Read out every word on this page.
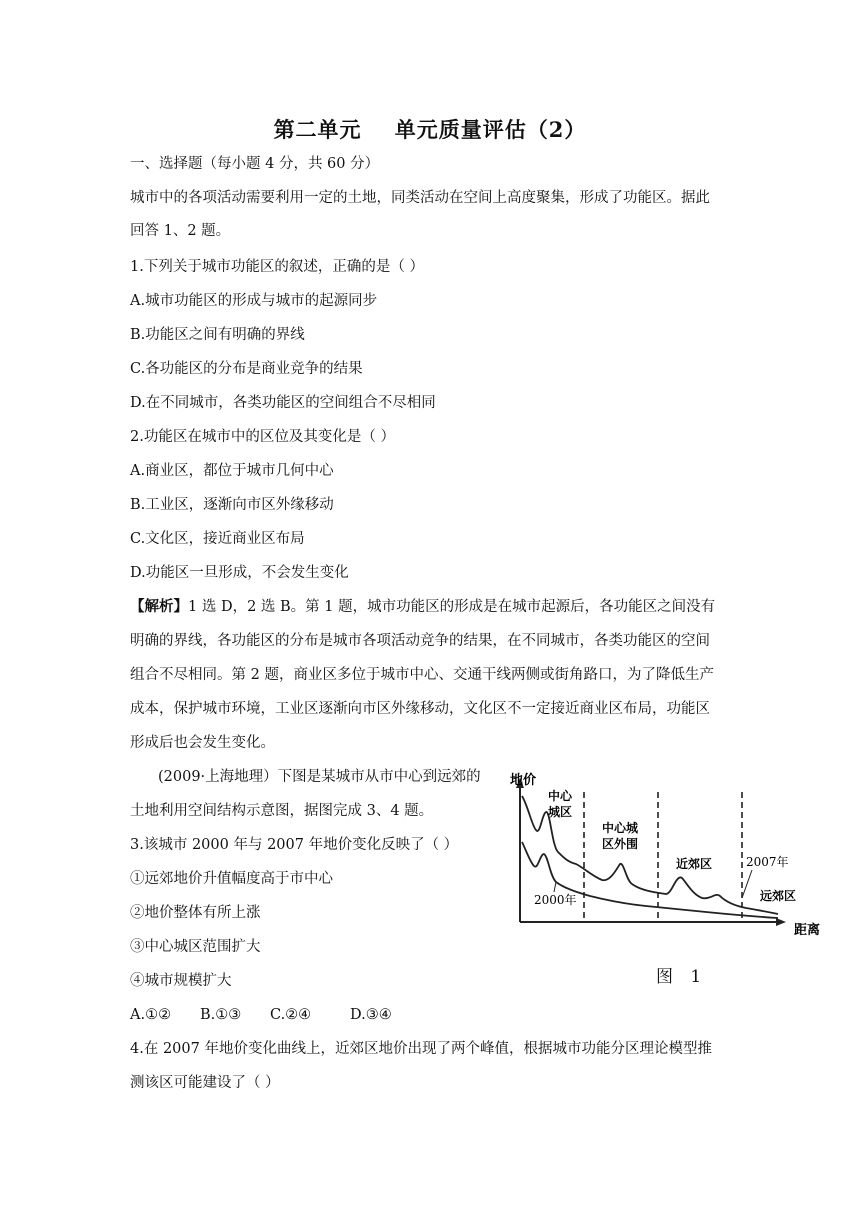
第二单元    单元质量评估（2）
一、选择题（每小题 4 分，共 60 分）
城市中的各项活动需要利用一定的土地，同类活动在空间上高度聚集，形成了功能区。据此
回答 1、2 题。
1.下列关于城市功能区的叙述，正确的是（ ）
A.城市功能区的形成与城市的起源同步
B.功能区之间有明确的界线
C.各功能区的分布是商业竞争的结果
D.在不同城市，各类功能区的空间组合不尽相同
2.功能区在城市中的区位及其变化是（ ）
A.商业区，都位于城市几何中心
B.工业区，逐渐向市区外缘移动
C.文化区，接近商业区布局
D.功能区一旦形成，不会发生变化
【解析】1 选 D，2 选 B。第 1 题，城市功能区的形成是在城市起源后，各功能区之间没有
明确的界线，各功能区的分布是城市各项活动竞争的结果，在不同城市，各类功能区的空间
组合不尽相同。第 2 题，商业区多位于城市中心、交通干线两侧或街角路口，为了降低生产
成本，保护城市环境，工业区逐渐向市区外缘移动，文化区不一定接近商业区布局，功能区
形成后也会发生变化。
(2009·上海地理）下图是某城市从市中心到远郊的
土地利用空间结构示意图，据图完成 3、4 题。
3.该城市 2000 年与 2007 年地价变化反映了（ ）
①远郊地价升值幅度高于市中心
②地价整体有所上涨
③中心城区范围扩大
④城市规模扩大
A.①② B.①③ C.②④	D.③④
4.在 2007 年地价变化曲线上，近郊区地价出现了两个峰值，根据城市功能分区理论模型推
测该区可能建设了（ ）
地价
距离
中心
城区
中心城
区外围
近郊区	2007年
远郊区
2000年
图 1
